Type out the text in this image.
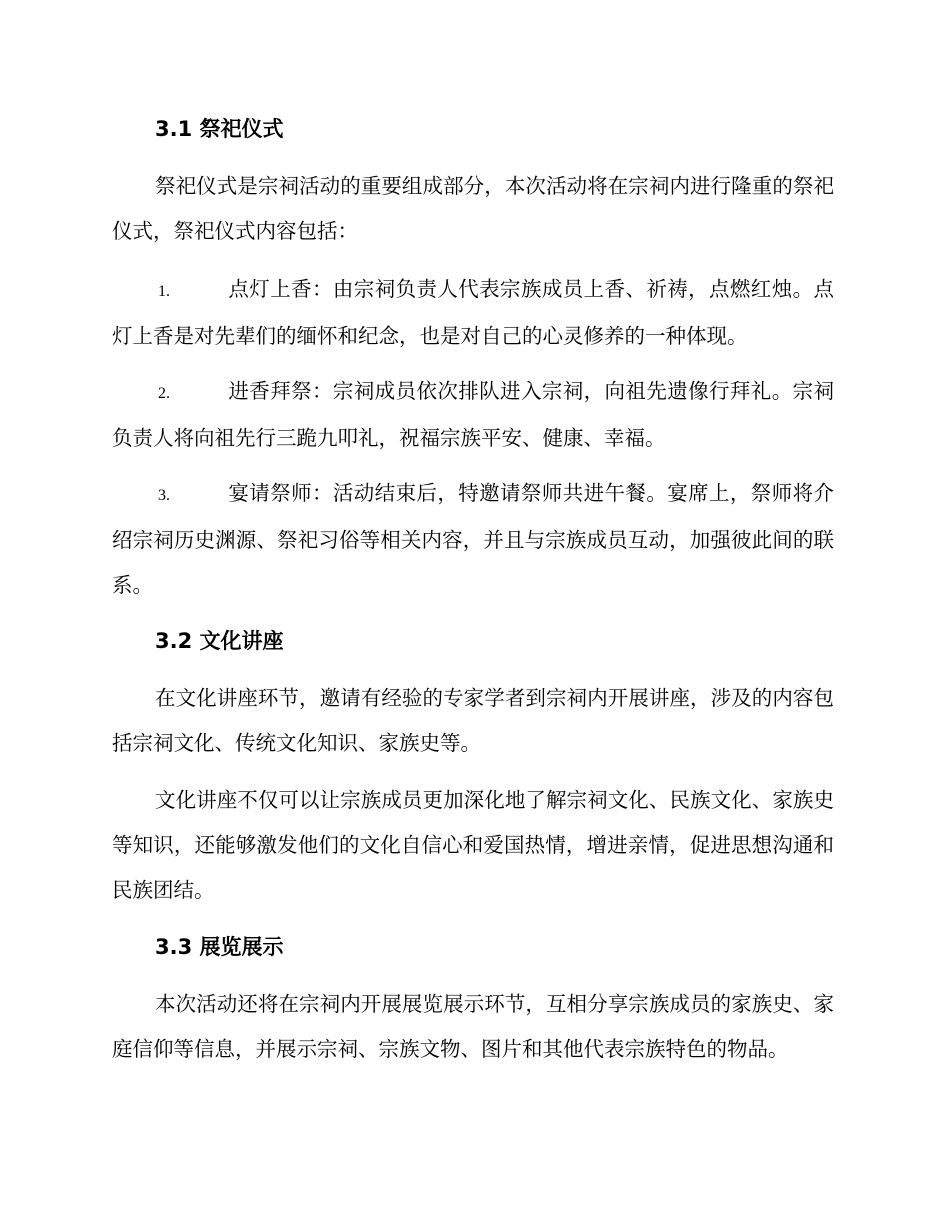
3.1 祭祀仪式

祭祀仪式是宗祠活动的重要组成部分，本次活动将在宗祠内进行隆重的祭祀仪式，祭祀仪式内容包括：

1.	点灯上香：由宗祠负责人代表宗族成员上香、祈祷，点燃红烛。点灯上香是对先辈们的缅怀和纪念，也是对自己的心灵修养的一种体现。

2.	进香拜祭：宗祠成员依次排队进入宗祠，向祖先遗像行拜礼。宗祠负责人将向祖先行三跪九叩礼，祝福宗族平安、健康、幸福。

3.	宴请祭师：活动结束后，特邀请祭师共进午餐。宴席上，祭师将介绍宗祠历史渊源、祭祀习俗等相关内容，并且与宗族成员互动，加强彼此间的联系。

3.2 文化讲座

在文化讲座环节，邀请有经验的专家学者到宗祠内开展讲座，涉及的内容包括宗祠文化、传统文化知识、家族史等。

文化讲座不仅可以让宗族成员更加深化地了解宗祠文化、民族文化、家族史等知识，还能够激发他们的文化自信心和爱国热情，增进亲情，促进思想沟通和民族团结。

3.3 展览展示

本次活动还将在宗祠内开展展览展示环节，互相分享宗族成员的家族史、家庭信仰等信息，并展示宗祠、宗族文物、图片和其他代表宗族特色的物品。
